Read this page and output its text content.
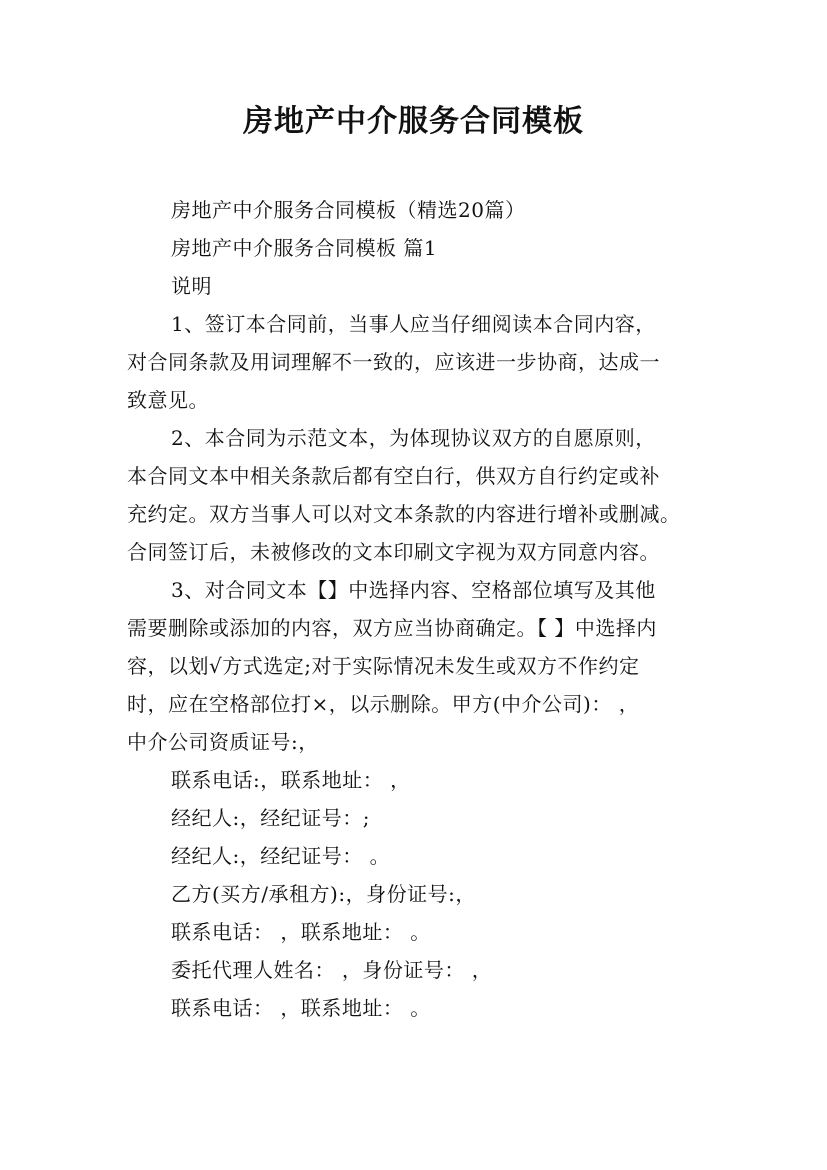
房地产中介服务合同模板
房地产中介服务合同模板（精选20篇）
房地产中介服务合同模板 篇1
说明
1、签订本合同前，当事人应当仔细阅读本合同内容，
对合同条款及用词理解不一致的，应该进一步协商，达成一
致意见。
2、本合同为示范文本，为体现协议双方的自愿原则，
本合同文本中相关条款后都有空白行，供双方自行约定或补
充约定。双方当事人可以对文本条款的内容进行增补或删减。
合同签订后，未被修改的文本印刷文字视为双方同意内容。
3、对合同文本【】中选择内容、空格部位填写及其他
需要删除或添加的内容，双方应当协商确定。【 】中选择内
容，以划√方式选定;对于实际情况未发生或双方不作约定
时，应在空格部位打×，以示删除。甲方(中介公司)： ，
中介公司资质证号:，
联系电话:，联系地址： ，
经纪人:，经纪证号：;
经纪人:，经纪证号： 。
乙方(买方/承租方):，身份证号:，
联系电话： ，联系地址： 。
委托代理人姓名： ，身份证号： ，
联系电话： ，联系地址： 。
